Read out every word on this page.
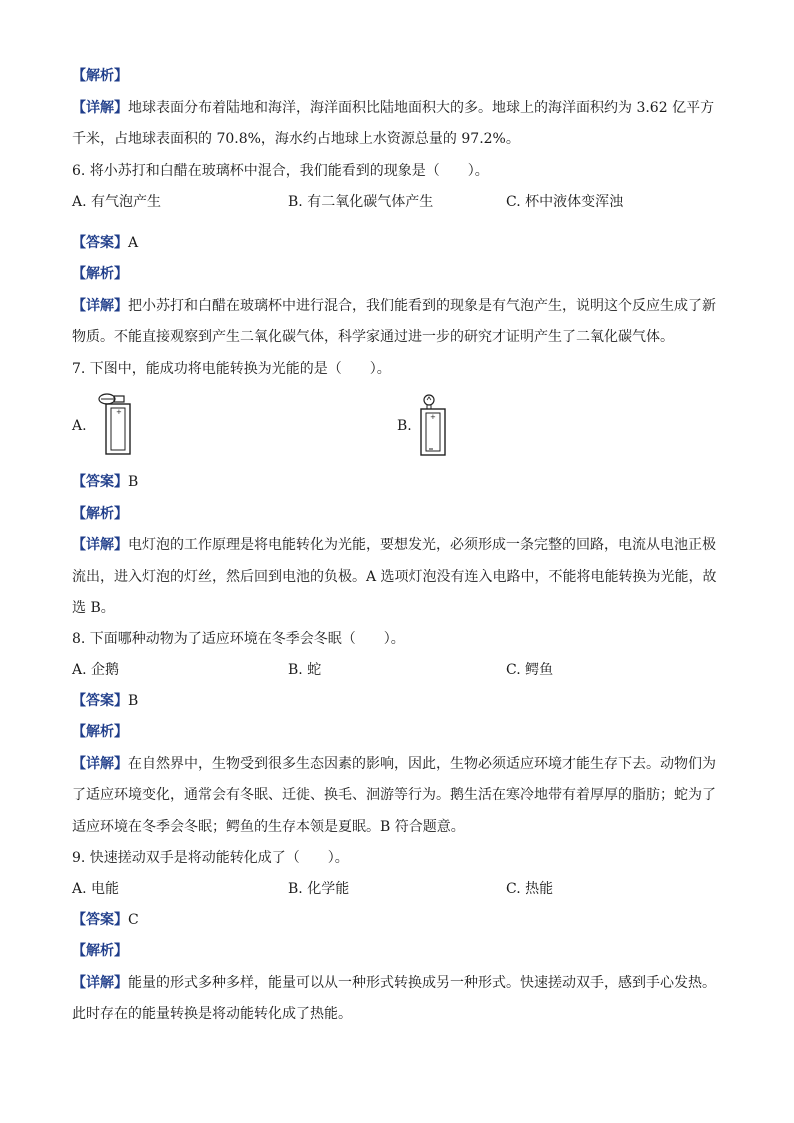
【解析】
【详解】地球表面分布着陆地和海洋，海洋面积比陆地面积大的多。地球上的海洋面积约为 3.62 亿平方
千米，占地球表面积的 70.8%，海水约占地球上水资源总量的 97.2%。
6. 将小苏打和白醋在玻璃杯中混合，我们能看到的现象是（　　）。
A. 有气泡产生	B. 有二氧化碳气体产生	C. 杯中液体变浑浊
【答案】A
【解析】
【详解】把小苏打和白醋在玻璃杯中进行混合，我们能看到的现象是有气泡产生，说明这个反应生成了新
物质。不能直接观察到产生二氧化碳气体，科学家通过进一步的研究才证明产生了二氧化碳气体。
7. 下图中，能成功将电能转换为光能的是（　　）。
A.
+
B.
+
【答案】B
【解析】
【详解】电灯泡的工作原理是将电能转化为光能，要想发光，必须形成一条完整的回路，电流从电池正极
流出，进入灯泡的灯丝，然后回到电池的负极。A 选项灯泡没有连入电路中，不能将电能转换为光能，故
选 B。
8. 下面哪种动物为了适应环境在冬季会冬眠（　　）。
A. 企鹅	B. 蛇	C. 鳄鱼
【答案】B
【解析】
【详解】在自然界中，生物受到很多生态因素的影响，因此，生物必须适应环境才能生存下去。动物们为
了适应环境变化，通常会有冬眠、迁徙、换毛、洄游等行为。鹅生活在寒冷地带有着厚厚的脂肪；蛇为了
适应环境在冬季会冬眠；鳄鱼的生存本领是夏眠。B 符合题意。
9. 快速搓动双手是将动能转化成了（　　）。
A. 电能	B. 化学能	C. 热能
【答案】C
【解析】
【详解】能量的形式多种多样，能量可以从一种形式转换成另一种形式。快速搓动双手，感到手心发热。
此时存在的能量转换是将动能转化成了热能。
